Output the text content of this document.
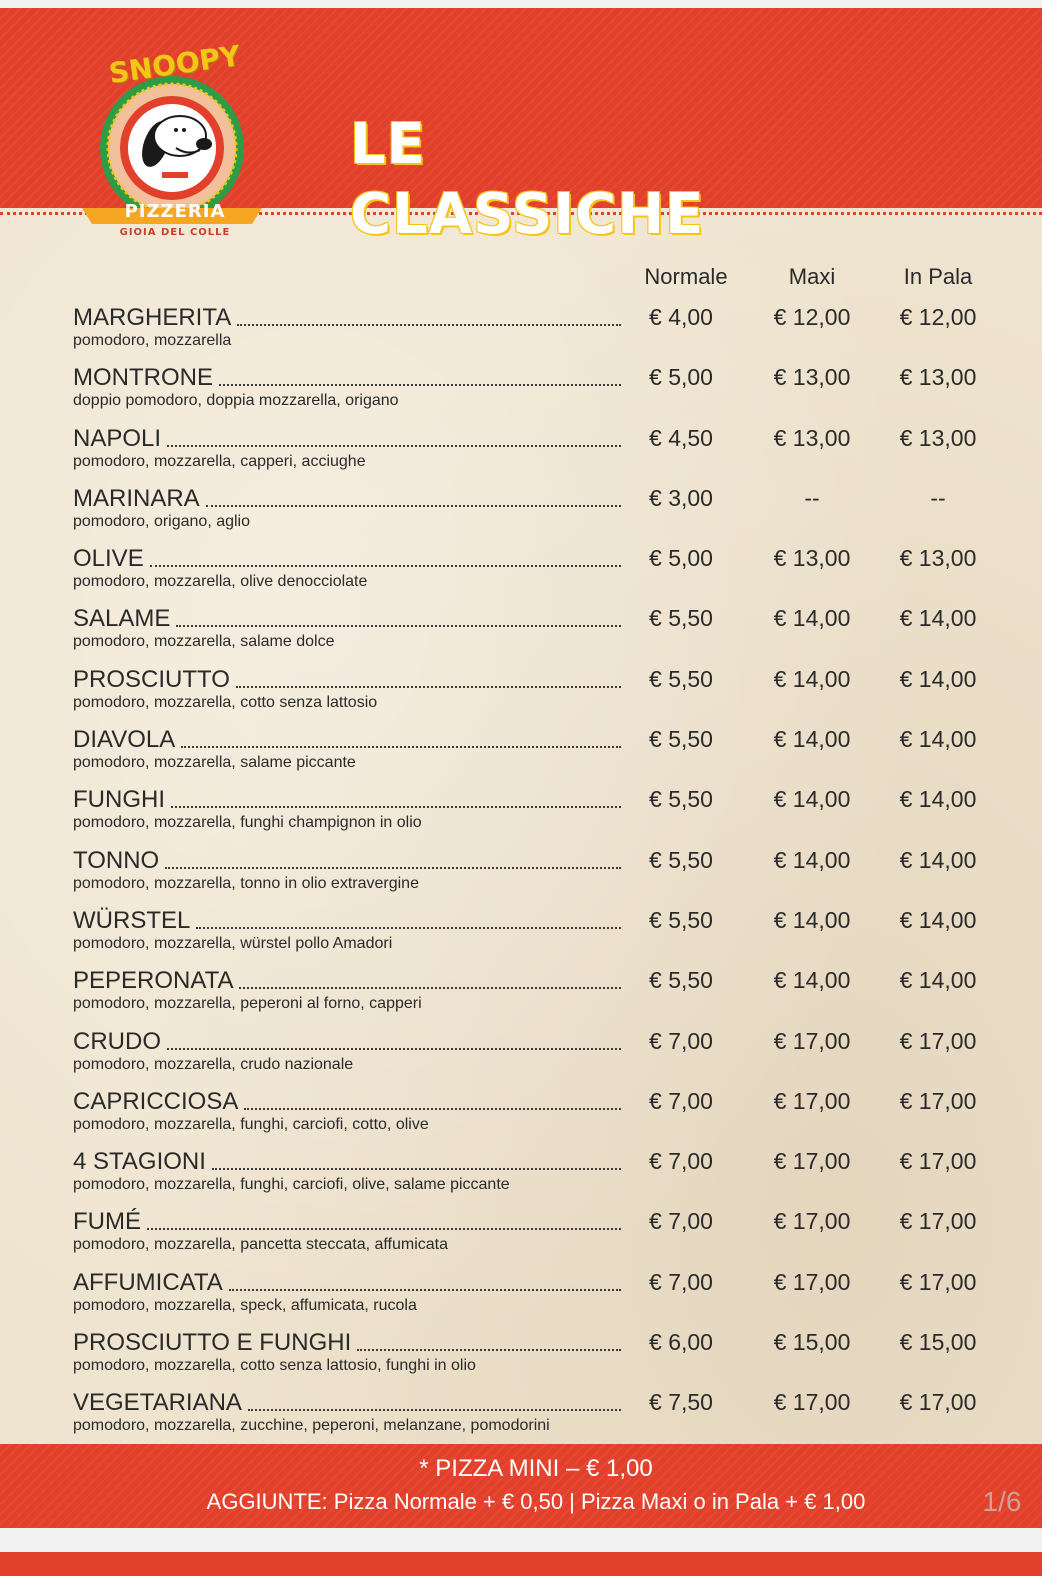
SNOOPY
PIZZERIA
GIOIA DEL COLLE
LE CLASSICHE
Normale	Maxi	In Pala
MARGHERITA
pomodoro, mozzarella
€ 4,00	€ 12,00	€ 12,00
MONTRONE
doppio pomodoro, doppia mozzarella, origano
€ 5,00	€ 13,00	€ 13,00
NAPOLI
pomodoro, mozzarella, capperi, acciughe
€ 4,50	€ 13,00	€ 13,00
MARINARA
pomodoro, origano, aglio
€ 3,00	--	--
OLIVE
pomodoro, mozzarella, olive denocciolate
€ 5,00	€ 13,00	€ 13,00
SALAME
pomodoro, mozzarella, salame dolce
€ 5,50	€ 14,00	€ 14,00
PROSCIUTTO
pomodoro, mozzarella, cotto senza lattosio
€ 5,50	€ 14,00	€ 14,00
DIAVOLA
pomodoro, mozzarella, salame piccante
€ 5,50	€ 14,00	€ 14,00
FUNGHI
pomodoro, mozzarella, funghi champignon in olio
€ 5,50	€ 14,00	€ 14,00
TONNO
pomodoro, mozzarella, tonno in olio extravergine
€ 5,50	€ 14,00	€ 14,00
WÜRSTEL
pomodoro, mozzarella, würstel pollo Amadori
€ 5,50	€ 14,00	€ 14,00
PEPERONATA
pomodoro, mozzarella, peperoni al forno, capperi
€ 5,50	€ 14,00	€ 14,00
CRUDO
pomodoro, mozzarella, crudo nazionale
€ 7,00	€ 17,00	€ 17,00
CAPRICCIOSA
pomodoro, mozzarella, funghi, carciofi, cotto, olive
€ 7,00	€ 17,00	€ 17,00
4 STAGIONI
pomodoro, mozzarella, funghi, carciofi, olive, salame piccante
€ 7,00	€ 17,00	€ 17,00
FUMÉ
pomodoro, mozzarella, pancetta steccata, affumicata
€ 7,00	€ 17,00	€ 17,00
AFFUMICATA
pomodoro, mozzarella, speck, affumicata, rucola
€ 7,00	€ 17,00	€ 17,00
PROSCIUTTO E FUNGHI
pomodoro, mozzarella, cotto senza lattosio, funghi in olio
€ 6,00	€ 15,00	€ 15,00
VEGETARIANA
pomodoro, mozzarella, zucchine, peperoni, melanzane, pomodorini
€ 7,50	€ 17,00	€ 17,00
* PIZZA MINI – € 1,00
AGGIUNTE: Pizza Normale + € 0,50 | Pizza Maxi o in Pala + € 1,00	1/6
